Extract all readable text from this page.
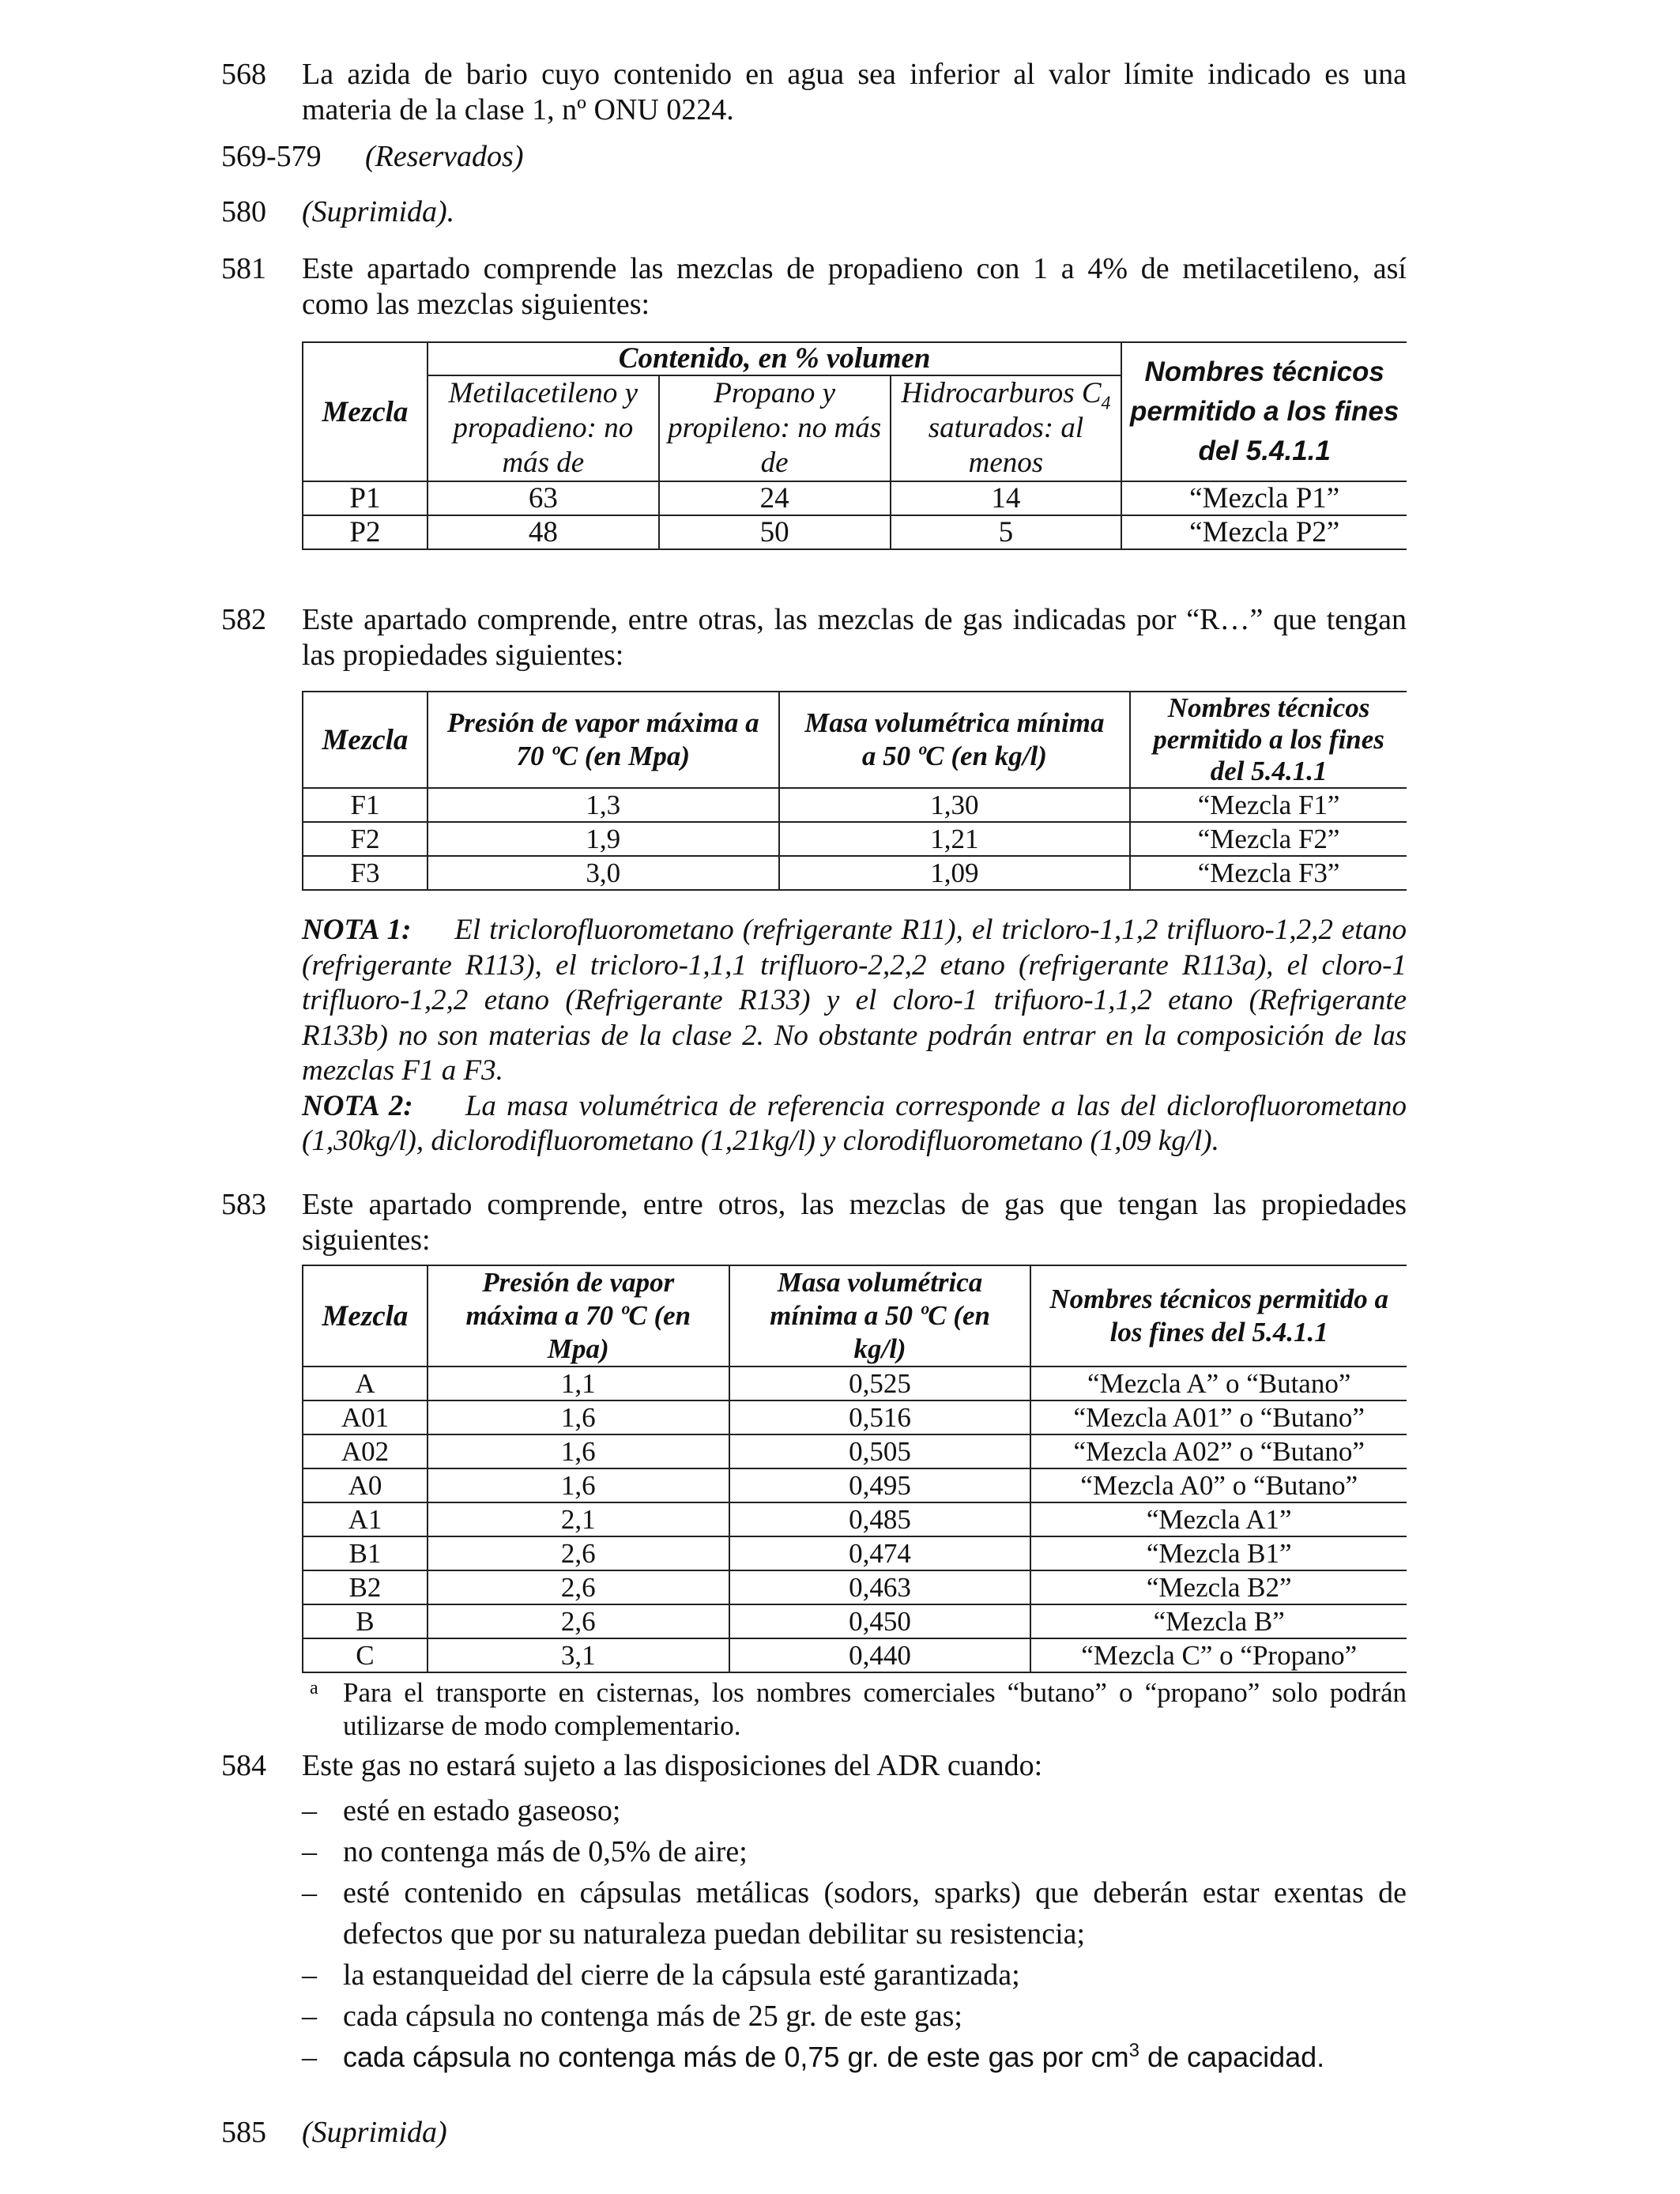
568 La azida de bario cuyo contenido en agua sea inferior al valor límite indicado es una materia de la clase 1, nº ONU 0224.
569-579 (Reservados)
580 (Suprimida).
581 Este apartado comprende las mezclas de propadieno con 1 a 4% de metilacetileno, así como las mezclas siguientes:
Mezcla	Contenido, en % volumen			Nombres técnicos permitido a los fines del 5.4.1.1
	Metilacetileno y propadieno: no más de	Propano y propileno: no más de	Hidrocarburos $C_4$ saturados: al menos	
P1	63	24	14	“Mezcla P1”
P2	48	50	5	“Mezcla P2”
582 Este apartado comprende, entre otras, las mezclas de gas indicadas por “R…” que tengan las propiedades siguientes:
Mezcla	Presión de vapor máxima a 70 ºC (en Mpa)	Masa volumétrica mínima a 50 ºC (en kg/l)	Nombres técnicos permitido a los fines del 5.4.1.1
F1	1,3	1,30	“Mezcla F1”
F2	1,9	1,21	“Mezcla F2”
F3	3,0	1,09	“Mezcla F3”
NOTA 1: El triclorofluorometano (refrigerante R11), el tricloro-1,1,2 trifluoro-1,2,2 etano (refrigerante R113), el tricloro-1,1,1 trifluoro-2,2,2 etano (refrigerante R113a), el cloro-1 trifluoro-1,2,2 etano (Refrigerante R133) y el cloro-1 trifuoro-1,1,2 etano (Refrigerante R133b) no son materias de la clase 2. No obstante podrán entrar en la composición de las mezclas F1 a F3.
NOTA 2: La masa volumétrica de referencia corresponde a las del diclorofluorometano (1,30kg/l), diclorodifluorometano (1,21kg/l) y clorodifluorometano (1,09 kg/l).
583 Este apartado comprende, entre otros, las mezclas de gas que tengan las propiedades siguientes:
Mezcla	Presión de vapor máxima a 70 ºC (en Mpa)	Masa volumétrica mínima a 50 ºC (en kg/l)	Nombres técnicos permitido a los fines del 5.4.1.1
A	1,1	0,525	“Mezcla A” o “Butano”
A01	1,6	0,516	“Mezcla A01” o “Butano”
A02	1,6	0,505	“Mezcla A02” o “Butano”
A0	1,6	0,495	“Mezcla A0” o “Butano”
A1	2,1	0,485	“Mezcla A1”
B1	2,6	0,474	“Mezcla B1”
B2	2,6	0,463	“Mezcla B2”
B	2,6	0,450	“Mezcla B”
C	3,1	0,440	“Mezcla C” o “Propano”
a Para el transporte en cisternas, los nombres comerciales “butano” o “propano” solo podrán utilizarse de modo complementario.
584 Este gas no estará sujeto a las disposiciones del ADR cuando:
– esté en estado gaseoso;
– no contenga más de 0,5% de aire;
– esté contenido en cápsulas metálicas (sodors, sparks) que deberán estar exentas de defectos que por su naturaleza puedan debilitar su resistencia;
– la estanqueidad del cierre de la cápsula esté garantizada;
– cada cápsula no contenga más de 25 gr. de este gas;
– cada cápsula no contenga más de 0,75 gr. de este gas por $cm^3$ de capacidad.
585 (Suprimida)
